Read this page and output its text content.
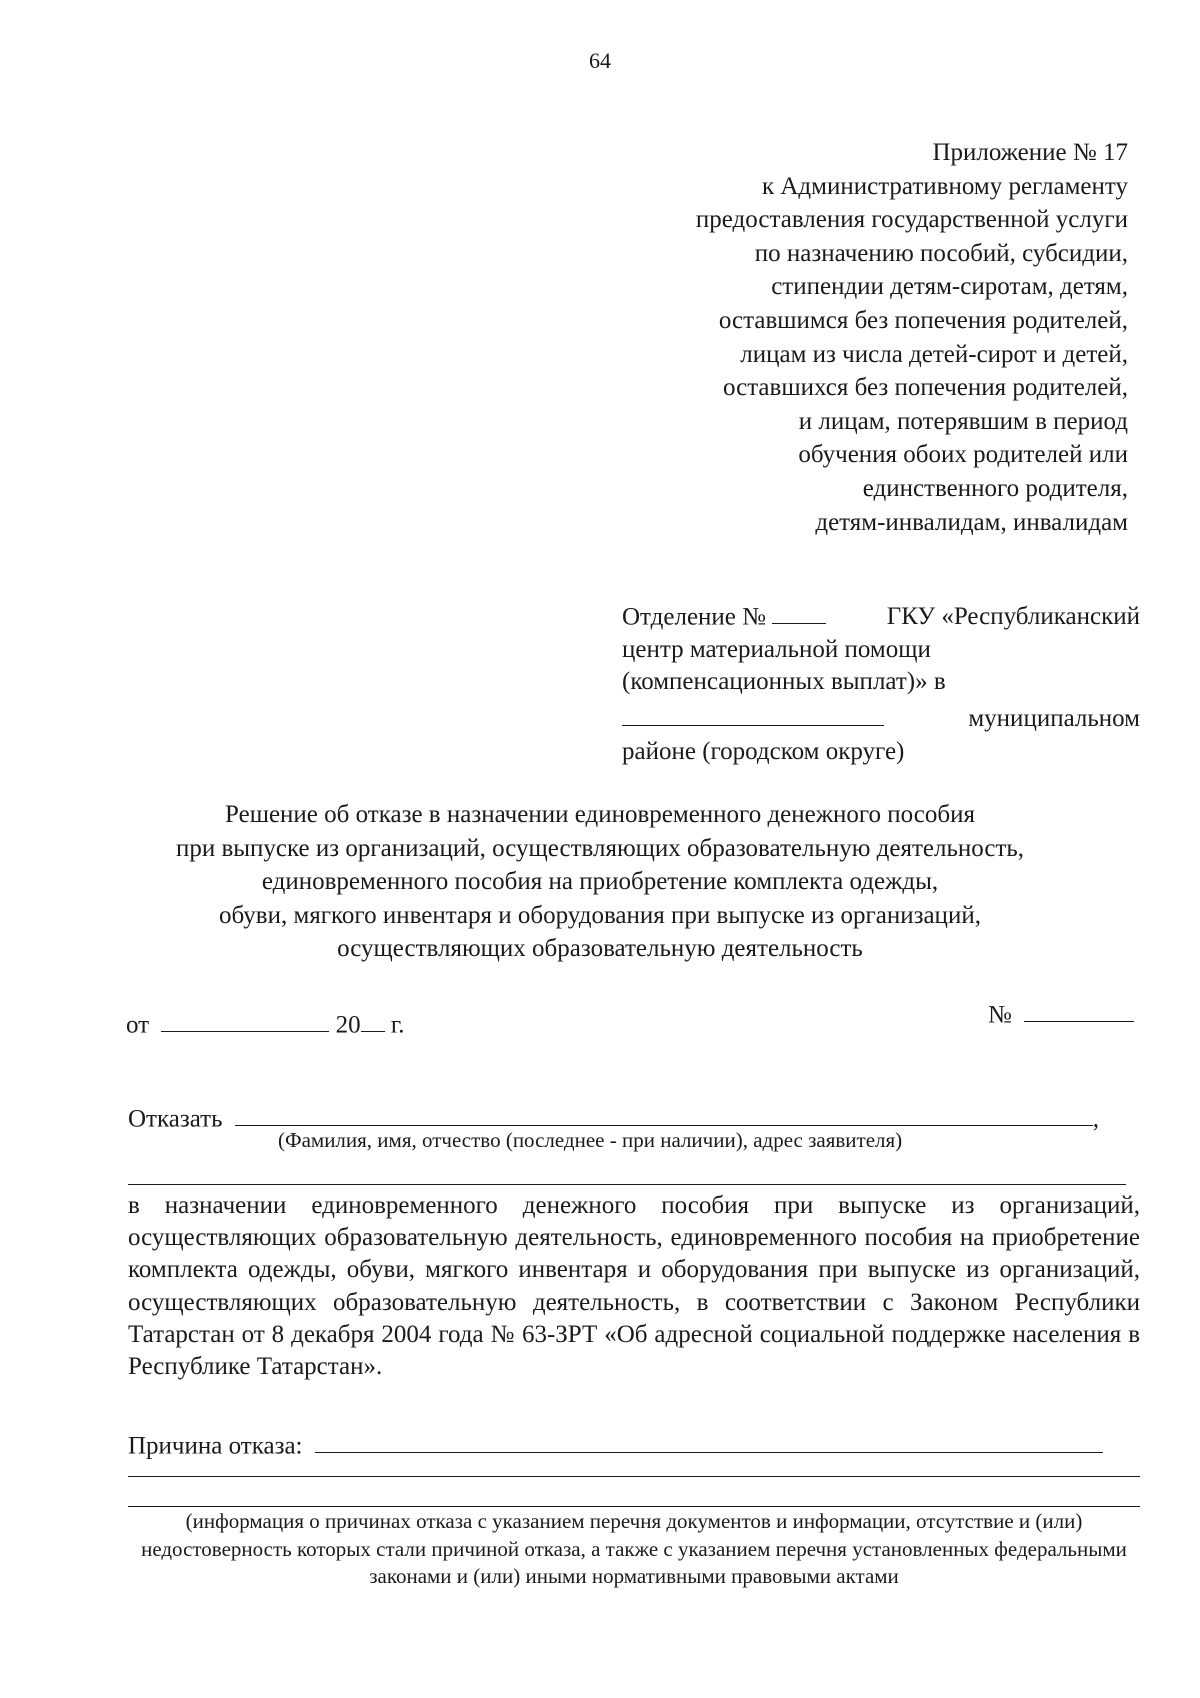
64
Приложение № 17
к Административному регламенту
предоставления государственной услуги
по назначению пособий, субсидии,
стипендии детям-сиротам, детям,
оставшимся без попечения родителей,
лицам из числа детей-сирот и детей,
оставшихся без попечения родителей,
и лицам, потерявшим в период
обучения обоих родителей или
единственного родителя,
детям-инвалидам, инвалидам
Отделение №	ГКУ «Республиканский
центр материальной помощи
(компенсационных выплат)» в
муниципальном
районе (городском округе)
Решение об отказе в назначении единовременного денежного пособия
при выпуске из организаций, осуществляющих образовательную деятельность,
единовременного пособия на приобретение комплекта одежды,
обуви, мягкого инвентаря и оборудования при выпуске из организаций,
осуществляющих образовательную деятельность
от	20 г.	№
Отказать	,
(Фамилия, имя, отчество (последнее - при наличии), адрес заявителя)
в назначении единовременного денежного пособия при выпуске из организаций, осуществляющих образовательную деятельность, единовременного пособия на приобретение комплекта одежды, обуви, мягкого инвентаря и оборудования при выпуске из организаций, осуществляющих образовательную деятельность, в соответствии с Законом Республики Татарстан от 8 декабря 2004 года № 63-ЗРТ «Об адресной социальной поддержке населения в Республике Татарстан».
Причина отказа:
(информация о причинах отказа с указанием перечня документов и информации, отсутствие и (или) недостоверность которых стали причиной отказа, а также с указанием перечня установленных федеральными законами и (или) иными нормативными правовыми актами
